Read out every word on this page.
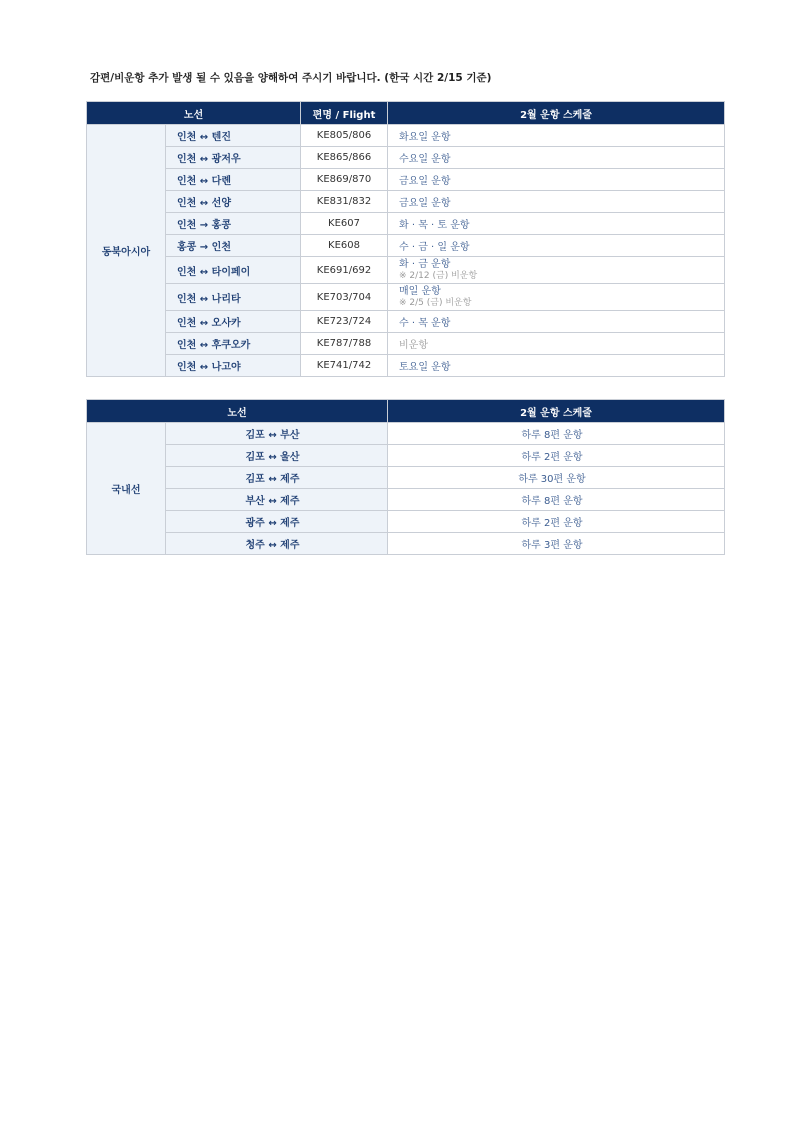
감편/비운항 추가 발생 될 수 있음을 양해하여 주시기 바랍니다. (한국 시간 2/15 기준)
노선		편명 / Flight	2월 운항 스케줄
동북아시아	인천 ↔ 텐진	KE805/806	화요일 운항
	인천 ↔ 광저우	KE865/866	수요일 운항
	인천 ↔ 다롄	KE869/870	금요일 운항
	인천 ↔ 선양	KE831/832	금요일 운항
	인천 → 홍콩	KE607	화 · 목 · 토 운항
	홍콩 → 인천	KE608	수 · 금 · 일 운항
	인천 ↔ 타이페이	KE691/692	화 · 금 운항
※ 2/12 (금) 비운항

	인천 ↔ 나리타	KE703/704	매일 운항
※ 2/5 (금) 비운항

	인천 ↔ 오사카	KE723/724	수 · 목 운항
	인천 ↔ 후쿠오카	KE787/788	비운항
	인천 ↔ 나고야	KE741/742	토요일 운항
노선		2월 운항 스케줄
국내선	김포 ↔ 부산	하루 8편 운항
	김포 ↔ 울산	하루 2편 운항
	김포 ↔ 제주	하루 30편 운항
	부산 ↔ 제주	하루 8편 운항
	광주 ↔ 제주	하루 2편 운항
	청주 ↔ 제주	하루 3편 운항
